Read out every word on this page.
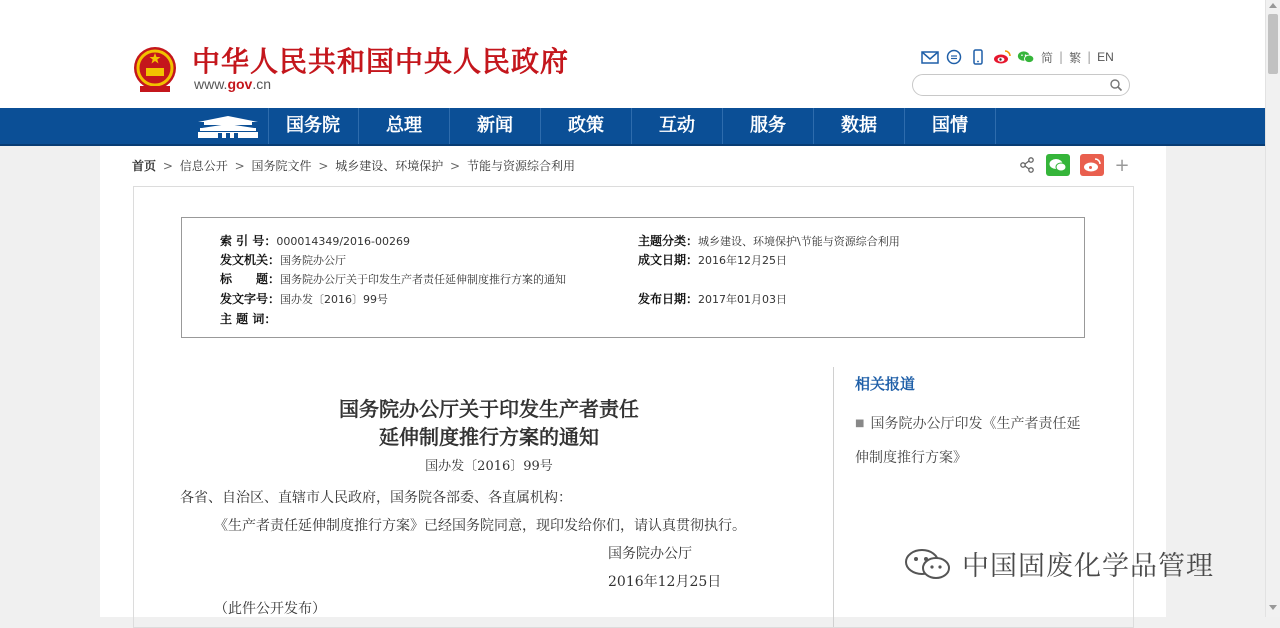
中华人民共和国中央人民政府
www.gov.cn
简 | 繁 | EN
国务院	总理	新闻	政策	互动	服务	数据	国情
首页 > 信息公开 > 国务院文件 > 城乡建设、环境保护 > 节能与资源综合利用	+
索 引 号：000014349/2016-00269	主题分类：城乡建设、环境保护\节能与资源综合利用
发文机关：国务院办公厅	成文日期：2016年12月25日
标　　题：国务院办公厅关于印发生产者责任延伸制度推行方案的通知
发文字号：国办发〔2016〕99号	发布日期：2017年01月03日
主 题 词：
国务院办公厅关于印发生产者责任
延伸制度推行方案的通知
国办发〔2016〕99号
各省、自治区、直辖市人民政府，国务院各部委、各直属机构：
《生产者责任延伸制度推行方案》已经国务院同意，现印发给你们，请认真贯彻执行。
国务院办公厅
2016年12月25日
（此件公开发布）
相关报道
■ 国务院办公厅印发《生产者责任延伸制度推行方案》
中国固废化学品管理
